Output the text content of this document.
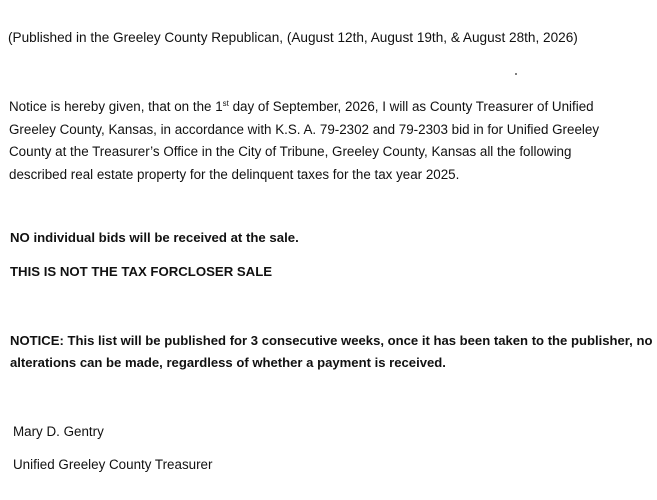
(Published in the Greeley County Republican, (August 12th, August 19th, & August 28th, 2026)
Notice is hereby given, that on the 1st day of September, 2026, I will as County Treasurer of Unified
Greeley County, Kansas, in accordance with K.S. A. 79-2302 and 79-2303 bid in for Unified Greeley
County at the Treasurer’s Office in the City of Tribune, Greeley County, Kansas all the following
described real estate property for the delinquent taxes for the tax year 2025.
NO individual bids will be received at the sale.
THIS IS NOT THE TAX FORCLOSER SALE
NOTICE: This list will be published for 3 consecutive weeks, once it has been taken to the publisher, no
alterations can be made, regardless of whether a payment is received.
Mary D. Gentry
Unified Greeley County Treasurer
